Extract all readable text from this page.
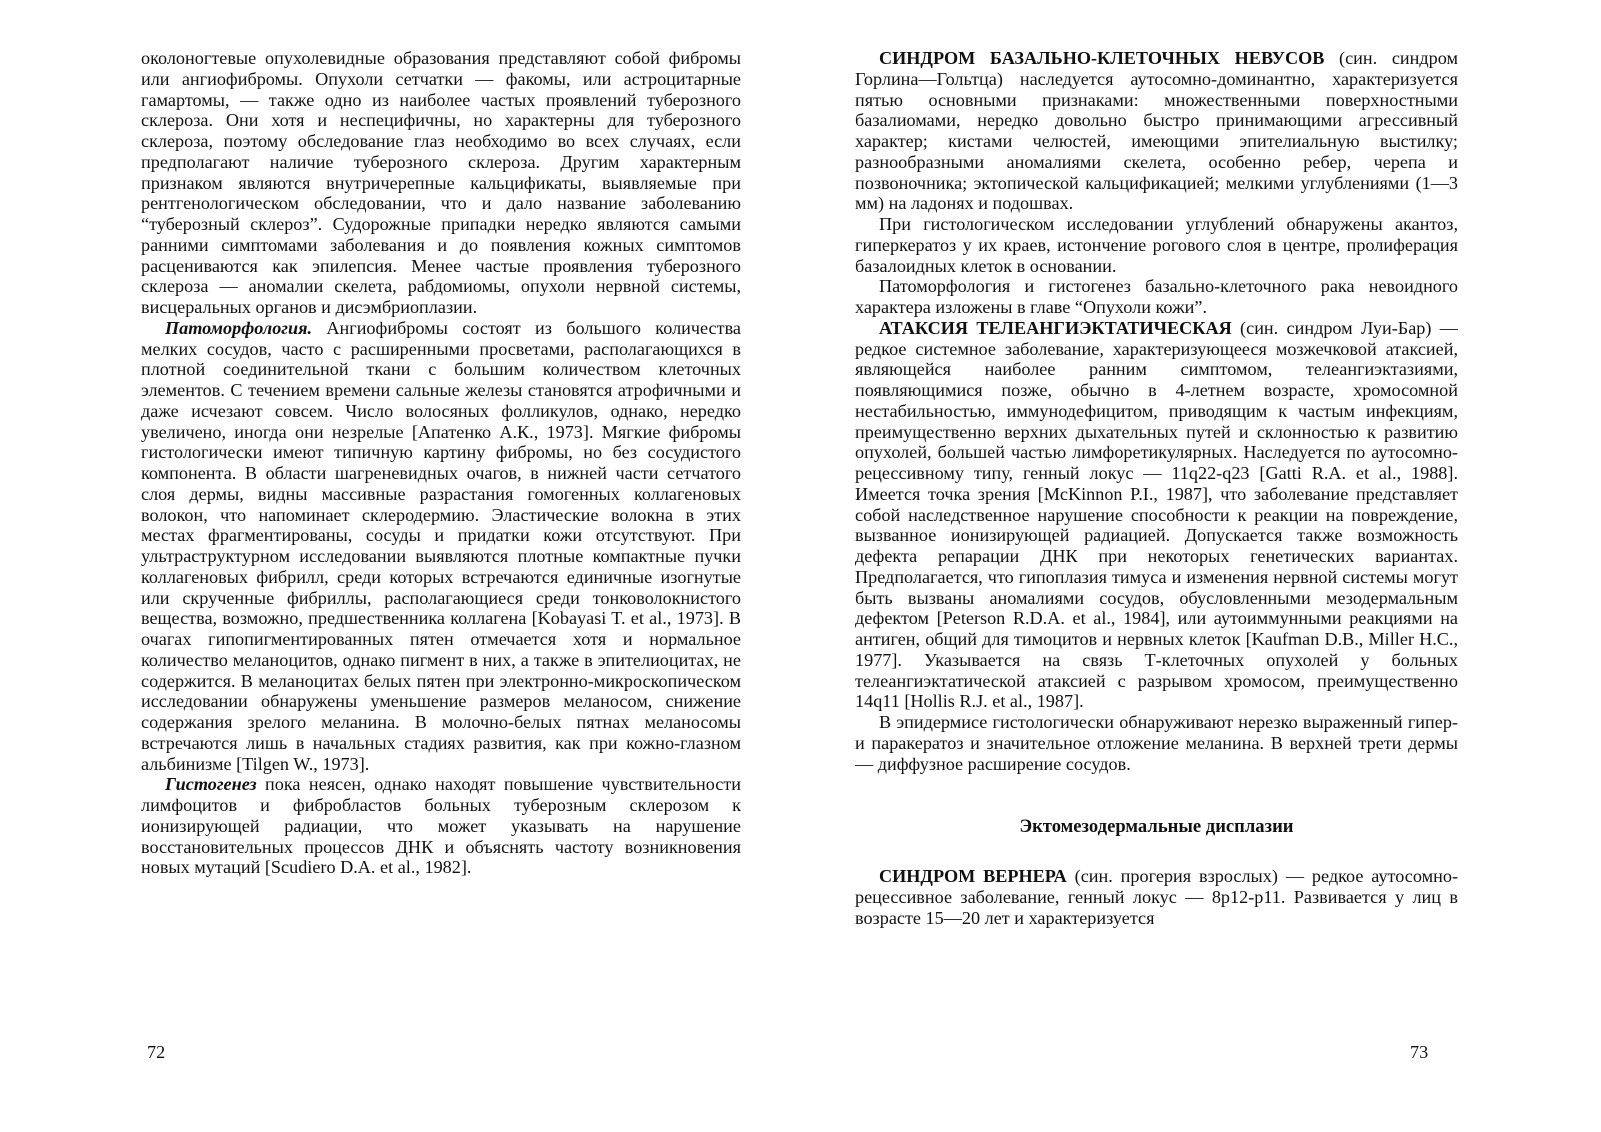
околоногтевые опухолевидные образования представляют собой фибромы или ангиофибромы. Опухоли сетчатки — факомы, или астроцитарные гамартомы, — также одно из наиболее частых проявлений туберозного склероза. Они хотя и неспецифичны, но характерны для туберозного склероза, поэтому обследование глаз необходимо во всех случаях, если предполагают наличие туберозного склероза. Другим характерным признаком являются внутричерепные кальцификаты, выявляемые при рентгенологическом обследовании, что и дало название заболеванию “туберозный склероз”. Судорожные припадки нередко являются самыми ранними симптомами заболевания и до появления кожных симптомов расцениваются как эпилепсия. Менее частые проявления туберозного склероза — аномалии скелета, рабдомиомы, опухоли нервной системы, висцеральных органов и дисэмбриоплазии.

Патоморфология. Ангиофибромы состоят из большого количества мелких сосудов, часто с расширенными просветами, располагающихся в плотной соединительной ткани с большим количеством клеточных элементов. С течением времени сальные железы становятся атрофичными и даже исчезают совсем. Число волосяных фолликулов, однако, нередко увеличено, иногда они незрелые [Апатенко А.К., 1973]. Мягкие фибромы гистологически имеют типичную картину фибромы, но без сосудистого компонента. В области шагреневидных очагов, в нижней части сетчатого слоя дермы, видны массивные разрастания гомогенных коллагеновых волокон, что напоминает склеродермию. Эластические волокна в этих местах фрагментированы, сосуды и придатки кожи отсутствуют. При ультраструктурном исследовании выявляются плотные компактные пучки коллагеновых фибрилл, среди которых встречаются единичные изогнутые или скрученные фибриллы, располагающиеся среди тонковолокнистого вещества, возможно, предшественника коллагена [Kobayasi T. et al., 1973]. В очагах гипопигментированных пятен отмечается хотя и нормальное количество меланоцитов, однако пигмент в них, а также в эпителиоцитах, не содержится. В меланоцитах белых пятен при электронно-микроскопическом исследовании обнаружены уменьшение размеров меланосом, снижение содержания зрелого меланина. В молочно-белых пятнах меланосомы встречаются лишь в начальных стадиях развития, как при кожно-глазном альбинизме [Tilgen W., 1973].

Гистогенез пока неясен, однако находят повышение чувствительности лимфоцитов и фибробластов больных туберозным склерозом к ионизирующей радиации, что может указывать на нарушение восстановительных процессов ДНК и объяснять частоту возникновения новых мутаций [Scudiero D.A. et al., 1982].

72

СИНДРОМ БАЗАЛЬНО-КЛЕТОЧНЫХ НЕВУСОВ (син. синдром Горлина—Гольтца) наследуется аутосомно-доминантно, характеризуется пятью основными признаками: множественными поверхностными базалиомами, нередко довольно быстро принимающими агрессивный характер; кистами челюстей, имеющими эпителиальную выстилку; разнообразными аномалиями скелета, особенно ребер, черепа и позвоночника; эктопической кальцификацией; мелкими углублениями (1—3 мм) на ладонях и подошвах.

При гистологическом исследовании углублений обнаружены акантоз, гиперкератоз у их краев, истончение рогового слоя в центре, пролиферация базалоидных клеток в основании.

Патоморфология и гистогенез базально-клеточного рака невоидного характера изложены в главе “Опухоли кожи”.

АТАКСИЯ ТЕЛЕАНГИЭКТАТИЧЕСКАЯ (син. синдром Луи-Бар) — редкое системное заболевание, характеризующееся мозжечковой атаксией, являющейся наиболее ранним симптомом, телеангиэктазиями, появляющимися позже, обычно в 4-летнем возрасте, хромосомной нестабильностью, иммунодефицитом, приводящим к частым инфекциям, преимущественно верхних дыхательных путей и склонностью к развитию опухолей, большей частью лимфоретикулярных. Наследуется по аутосомно-рецессивному типу, генный локус — 11q22-q23 [Gatti R.A. et al., 1988]. Имеется точка зрения [McKinnon P.I., 1987], что заболевание представляет собой наследственное нарушение способности к реакции на повреждение, вызванное ионизирующей радиацией. Допускается также возможность дефекта репарации ДНК при некоторых генетических вариантах. Предполагается, что гипоплазия тимуса и изменения нервной системы могут быть вызваны аномалиями сосудов, обусловленными мезодермальным дефектом [Peterson R.D.A. et al., 1984], или аутоиммунными реакциями на антиген, общий для тимоцитов и нервных клеток [Kaufman D.B., Miller H.C., 1977]. Указывается на связь Т-клеточных опухолей у больных телеангиэктатической атаксией с разрывом хромосом, преимущественно 14q11 [Hollis R.J. et al., 1987].

В эпидермисе гистологически обнаруживают нерезко выраженный гипер- и паракератоз и значительное отложение меланина. В верхней трети дермы — диффузное расширение сосудов.

Эктомезодермальные дисплазии

СИНДРОМ ВЕРНЕРА (син. прогерия взрослых) — редкое аутосомно-рецессивное заболевание, генный локус — 8p12-p11. Развивается у лиц в возрасте 15—20 лет и характеризуется

73
